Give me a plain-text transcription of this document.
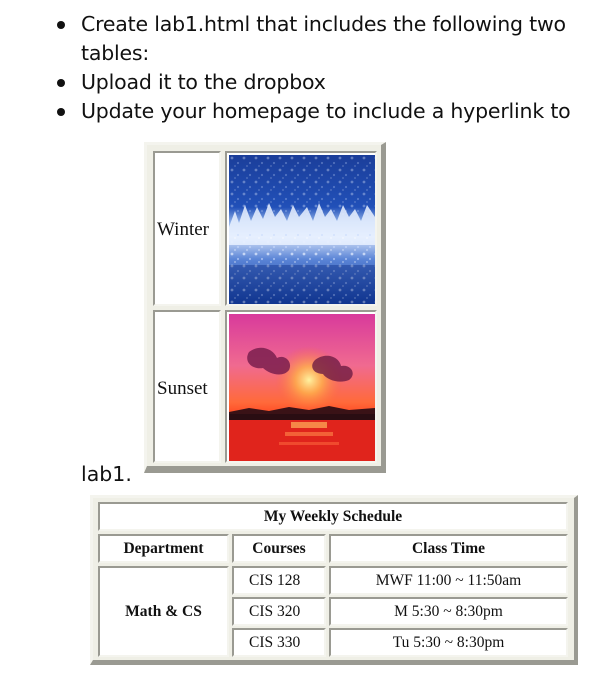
Create lab1.html that includes the following two tables:
Upload it to the dropbox
Update your homepage to include a hyperlink to
Winter
Sunset
lab1.
My Weekly Schedule
Department	Courses	Class Time
Math & CS
CIS 128	MWF 11:00 ~ 11:50am
CIS 320	M 5:30 ~ 8:30pm
CIS 330	Tu 5:30 ~ 8:30pm
